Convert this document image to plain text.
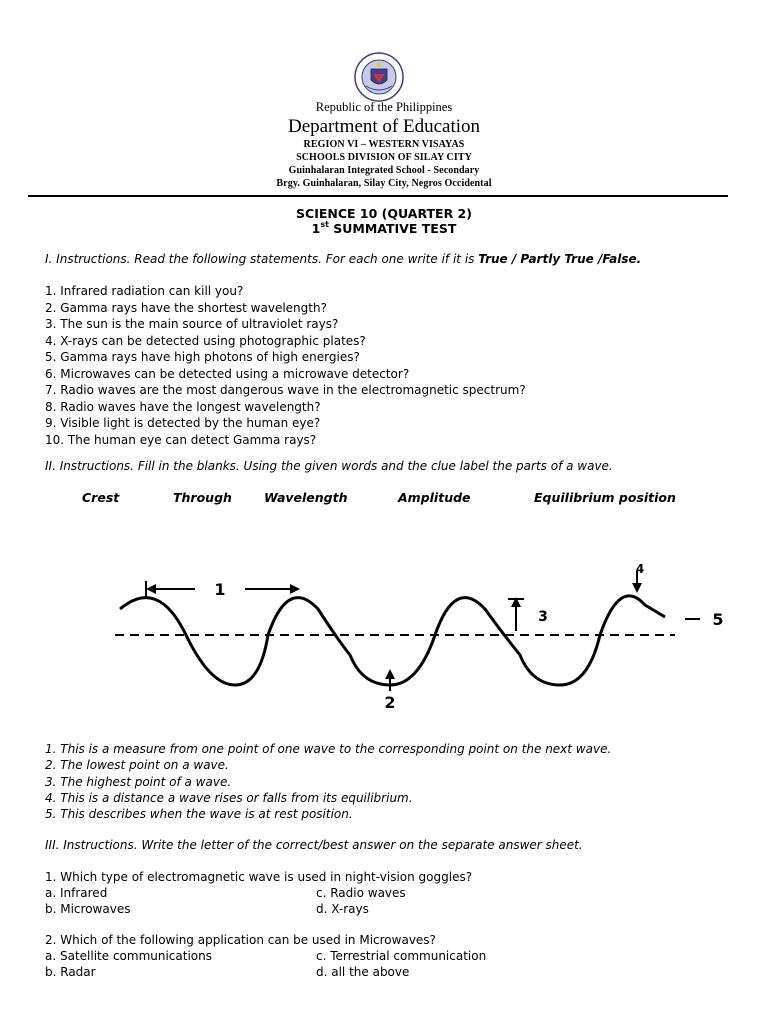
Republic of the Philippines
Department of Education
REGION VI – WESTERN VISAYAS
SCHOOLS DIVISION OF SILAY CITY
Guinhalaran Integrated School - Secondary
Brgy. Guinhalaran, Silay City, Negros Occidental
SCIENCE 10 (QUARTER 2)
1st SUMMATIVE TEST
I. Instructions. Read the following statements. For each one write if it is True / Partly True /False.
1. Infrared radiation can kill you?
2. Gamma rays have the shortest wavelength?
3. The sun is the main source of ultraviolet rays?
4. X-rays can be detected using photographic plates?
5. Gamma rays have high photons of high energies?
6. Microwaves can be detected using a microwave detector?
7. Radio waves are the most dangerous wave in the electromagnetic spectrum?
8. Radio waves have the longest wavelength?
9. Visible light is detected by the human eye?
10. The human eye can detect Gamma rays?
II. Instructions. Fill in the blanks. Using the given words and the clue label the parts of a wave.
Crest	Through	Wavelength	Amplitude	Equilibrium position
1
2
3
4
5
1. This is a measure from one point of one wave to the corresponding point on the next wave.
2. The lowest point on a wave.
3. The highest point of a wave.
4. This is a distance a wave rises or falls from its equilibrium.
5. This describes when the wave is at rest position.
III. Instructions. Write the letter of the correct/best answer on the separate answer sheet.
1. Which type of electromagnetic wave is used in night-vision goggles?
a. Infrared	c. Radio waves
b. Microwaves	d. X-rays
2. Which of the following application can be used in Microwaves?
a. Satellite communications	c. Terrestrial communication
b. Radar	d. all the above
